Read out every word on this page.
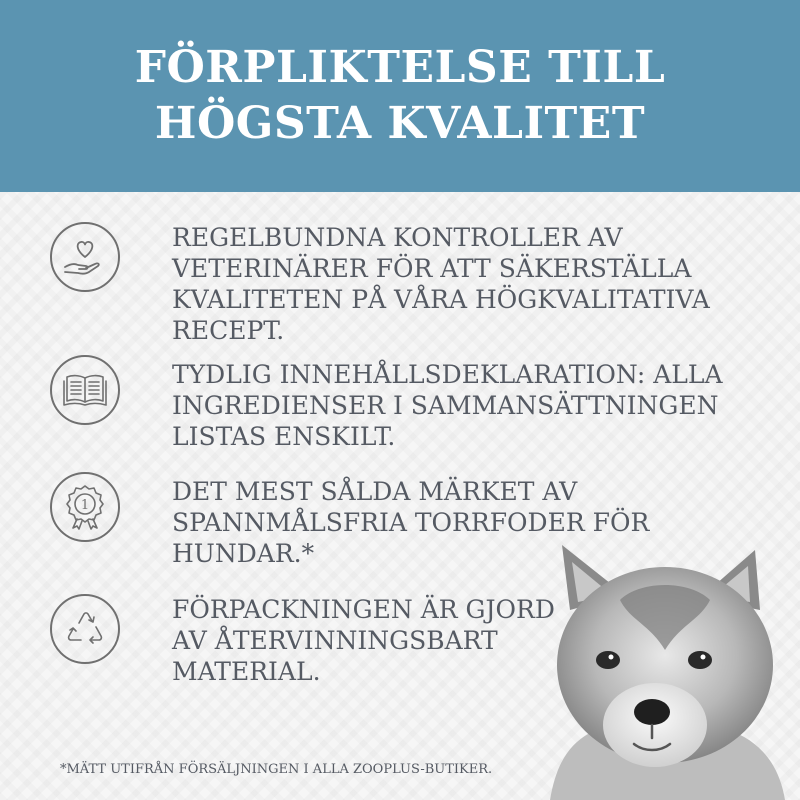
FÖRPLIKTELSE TILL
HÖGSTA KVALITET
REGELBUNDNA KONTROLLER AV
VETERINÄRER FÖR ATT SÄKERSTÄLLA
KVALITETEN PÅ VÅRA HÖGKVALITATIVA
RECEPT.
TYDLIG INNEHÅLLSDEKLARATION: ALLA
INGREDIENSER I SAMMANSÄTTNINGEN
LISTAS ENSKILT.
1	DET MEST SÅLDA MÄRKET AV
SPANNMÅLSFRIA TORRFODER FÖR
HUNDAR.*
FÖRPACKNINGEN ÄR GJORD
AV ÅTERVINNINGSBART
MATERIAL.
*MÄTT UTIFRÅN FÖRSÄLJNINGEN I ALLA ZOOPLUS-BUTIKER.
